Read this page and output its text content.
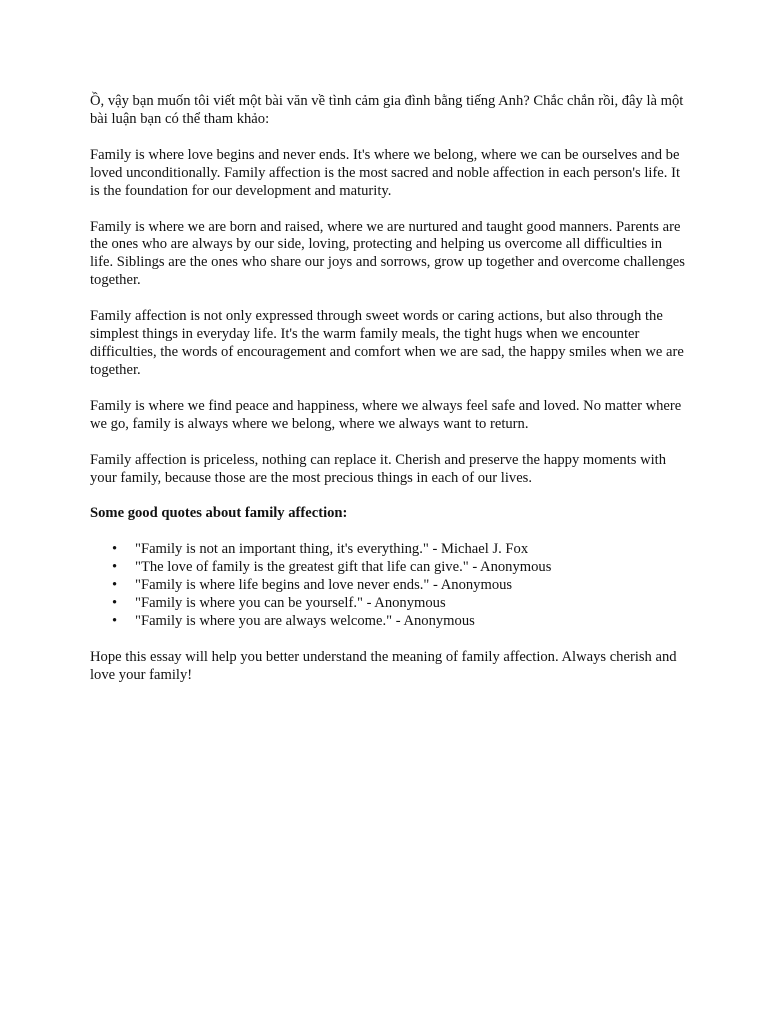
Ồ, vậy bạn muốn tôi viết một bài văn về tình cảm gia đình bằng tiếng Anh? Chắc chắn rồi, đây là một bài luận bạn có thể tham khảo:

Family is where love begins and never ends. It's where we belong, where we can be ourselves and be loved unconditionally. Family affection is the most sacred and noble affection in each person's life. It is the foundation for our development and maturity.

Family is where we are born and raised, where we are nurtured and taught good manners. Parents are the ones who are always by our side, loving, protecting and helping us overcome all difficulties in life. Siblings are the ones who share our joys and sorrows, grow up together and overcome challenges together.

Family affection is not only expressed through sweet words or caring actions, but also through the simplest things in everyday life. It's the warm family meals, the tight hugs when we encounter difficulties, the words of encouragement and comfort when we are sad, the happy smiles when we are together.

Family is where we find peace and happiness, where we always feel safe and loved. No matter where we go, family is always where we belong, where we always want to return.

Family affection is priceless, nothing can replace it. Cherish and preserve the happy moments with your family, because those are the most precious things in each of our lives.

Some good quotes about family affection:

• "Family is not an important thing, it's everything." - Michael J. Fox
• "The love of family is the greatest gift that life can give." - Anonymous
• "Family is where life begins and love never ends." - Anonymous
• "Family is where you can be yourself." - Anonymous
• "Family is where you are always welcome." - Anonymous

Hope this essay will help you better understand the meaning of family affection. Always cherish and love your family!
